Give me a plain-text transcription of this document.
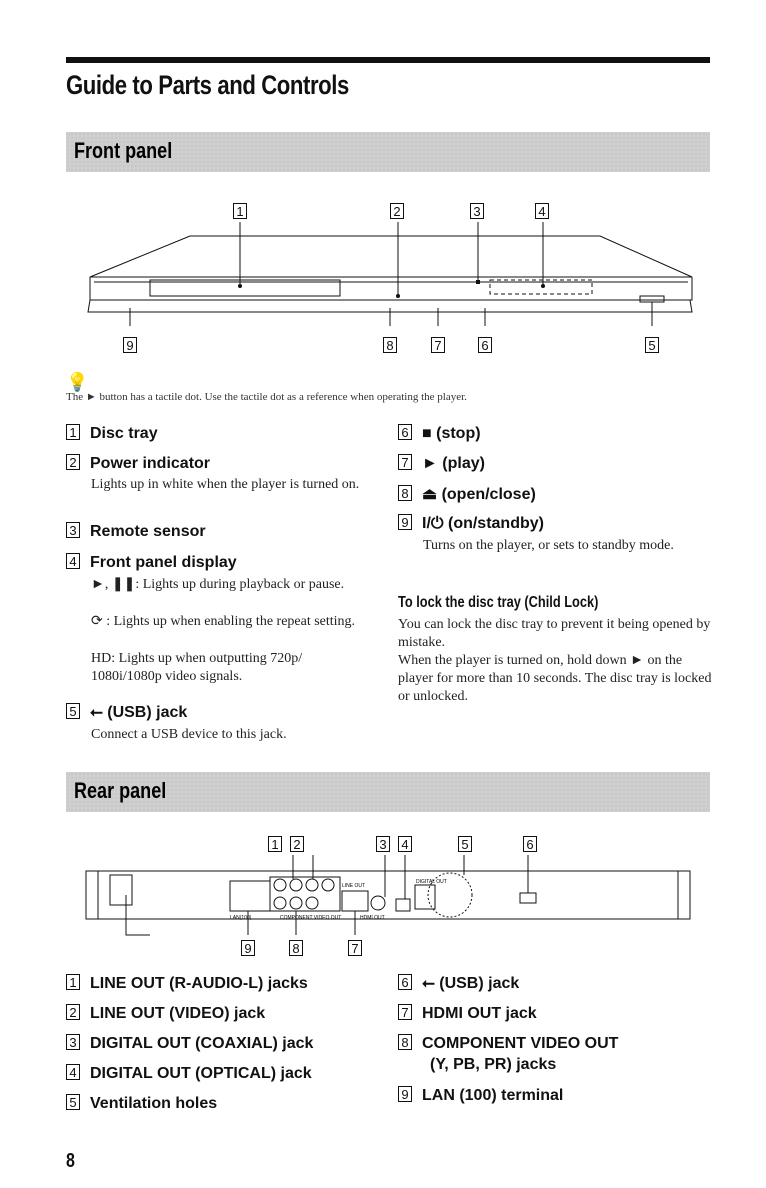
Guide to Parts and Controls
Front panel
1	2	3	4
9	8	7	6	5
💡
The ► button has a tactile dot. Use the tactile dot as a reference when operating the player.
1 Disc tray
2 Power indicator
Lights up in white when the player is turned on.
3 Remote sensor
4 Front panel display
►, ❚❚: Lights up during playback or pause.
⟳ : Lights up when enabling the repeat setting.
HD: Lights up when outputting 720p/ 1080i/1080p video signals.
5 ⭠ (USB) jack
Connect a USB device to this jack.
6 ■ (stop)
7 ► (play)
8 ⏏ (open/close)
9 I/⏻ (on/standby)
Turns on the player, or sets to standby mode.
To lock the disc tray (Child Lock)
You can lock the disc tray to prevent it being opened by mistake.
When the player is turned on, hold down ► on the player for more than 10 seconds. The disc tray is locked or unlocked.
Rear panel
1 2	3 4	5	6
COMPONENT VIDEO OUT
LAN(100)
LINE OUT
HDMI OUT
DIGITAL OUT
9	8	7
1 LINE OUT (R-AUDIO-L) jacks
2 LINE OUT (VIDEO) jack
3 DIGITAL OUT (COAXIAL) jack
4 DIGITAL OUT (OPTICAL) jack
5 Ventilation holes
6 ⭠ (USB) jack
7 HDMI OUT jack
8 COMPONENT VIDEO OUT
(Y, PB, PR) jacks
9 LAN (100) terminal
8
